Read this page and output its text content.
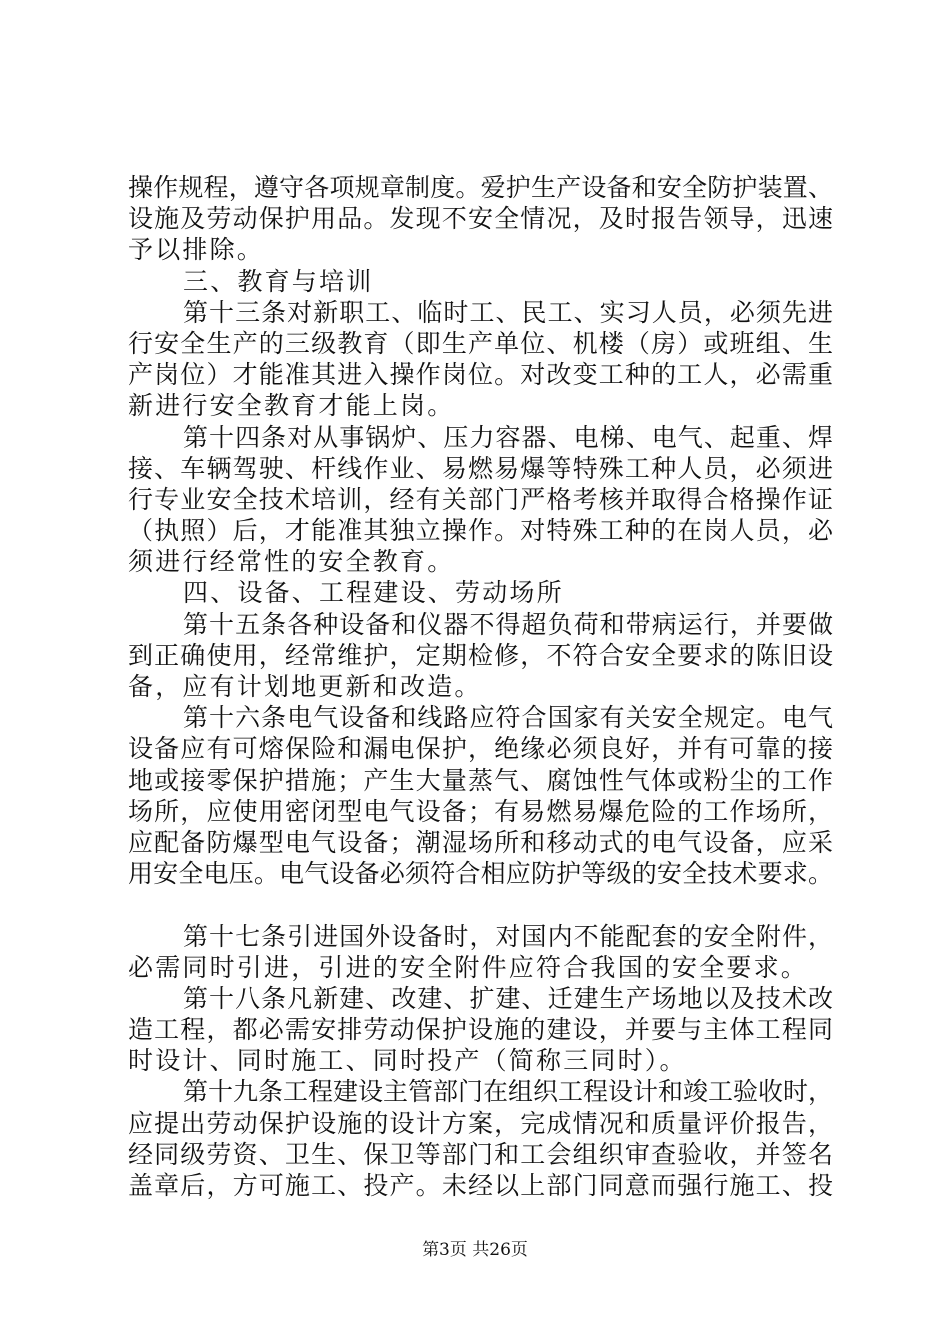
操作规程，遵守各项规章制度。爱护生产设备和安全防护装置、
设施及劳动保护用品。发现不安全情况，及时报告领导，迅速
予以排除。
三、教育与培训
第十三条对新职工、临时工、民工、实习人员，必须先进
行安全生产的三级教育（即生产单位、机楼（房）或班组、生
产岗位）才能准其进入操作岗位。对改变工种的工人，必需重
新进行安全教育才能上岗。
第十四条对从事锅炉、压力容器、电梯、电气、起重、焊
接、车辆驾驶、杆线作业、易燃易爆等特殊工种人员，必须进
行专业安全技术培训，经有关部门严格考核并取得合格操作证
（执照）后，才能准其独立操作。对特殊工种的在岗人员，必
须进行经常性的安全教育。
四、设备、工程建设、劳动场所
第十五条各种设备和仪器不得超负荷和带病运行，并要做
到正确使用，经常维护，定期检修，不符合安全要求的陈旧设
备，应有计划地更新和改造。
第十六条电气设备和线路应符合国家有关安全规定。电气
设备应有可熔保险和漏电保护，绝缘必须良好，并有可靠的接
地或接零保护措施；产生大量蒸气、腐蚀性气体或粉尘的工作
场所，应使用密闭型电气设备；有易燃易爆危险的工作场所，
应配备防爆型电气设备；潮湿场所和移动式的电气设备，应采
用安全电压。电气设备必须符合相应防护等级的安全技术要求。
第十七条引进国外设备时，对国内不能配套的安全附件，
必需同时引进，引进的安全附件应符合我国的安全要求。
第十八条凡新建、改建、扩建、迁建生产场地以及技术改
造工程，都必需安排劳动保护设施的建设，并要与主体工程同
时设计、同时施工、同时投产（简称三同时）。
第十九条工程建设主管部门在组织工程设计和竣工验收时，
应提出劳动保护设施的设计方案，完成情况和质量评价报告，
经同级劳资、卫生、保卫等部门和工会组织审查验收，并签名
盖章后，方可施工、投产。未经以上部门同意而强行施工、投
第3页 共26页
